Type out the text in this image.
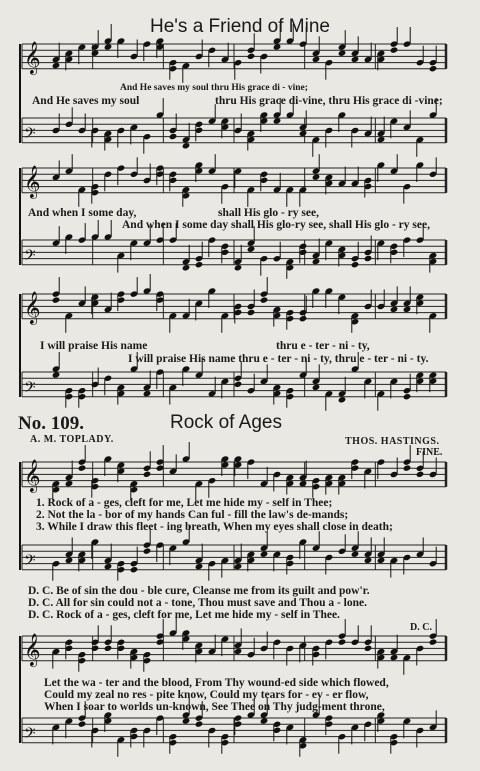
𝄞
𝄢
𝄞
𝄢
𝄞
𝄢
𝄞
𝄢
𝄞
𝄢
He's a Friend of Mine
And He saves my soul thru His grace di - vine;
And He saves my soul	thru His grace di-vine, thru His grace di -vine;
And when I some day,	shall His glo - ry see,
And when I some day shall His glo-ry see, shall His glo - ry see,
I will praise His name	thru e - ter - ni - ty,
I will praise His name thru e - ter - ni - ty, thru e - ter - ni - ty.
No. 109.	Rock of Ages
A. M. TOPLADY.	THOS. HASTINGS.
FINE.
1. Rock of a - ges, cleft for me, Let me hide my - self in Thee;
2. Not the la - bor of my hands Can ful - fill the law's de-mands;
3. While I draw this fleet - ing breath, When my eyes shall close in death;
D. C. Be of sin the dou - ble cure, Cleanse me from its guilt and pow'r.
D. C. All for sin could not a - tone, Thou must save and Thou a - lone.
D. C. Rock of a - ges, cleft for me, Let me hide my - self in Thee.
D. C.
Let the wa - ter and the blood, From Thy wound-ed side which flowed,
Could my zeal no res - pite know, Could my tears for - ev - er flow,
When I soar to worlds un-known, See Thee on Thy judg-ment throne,
